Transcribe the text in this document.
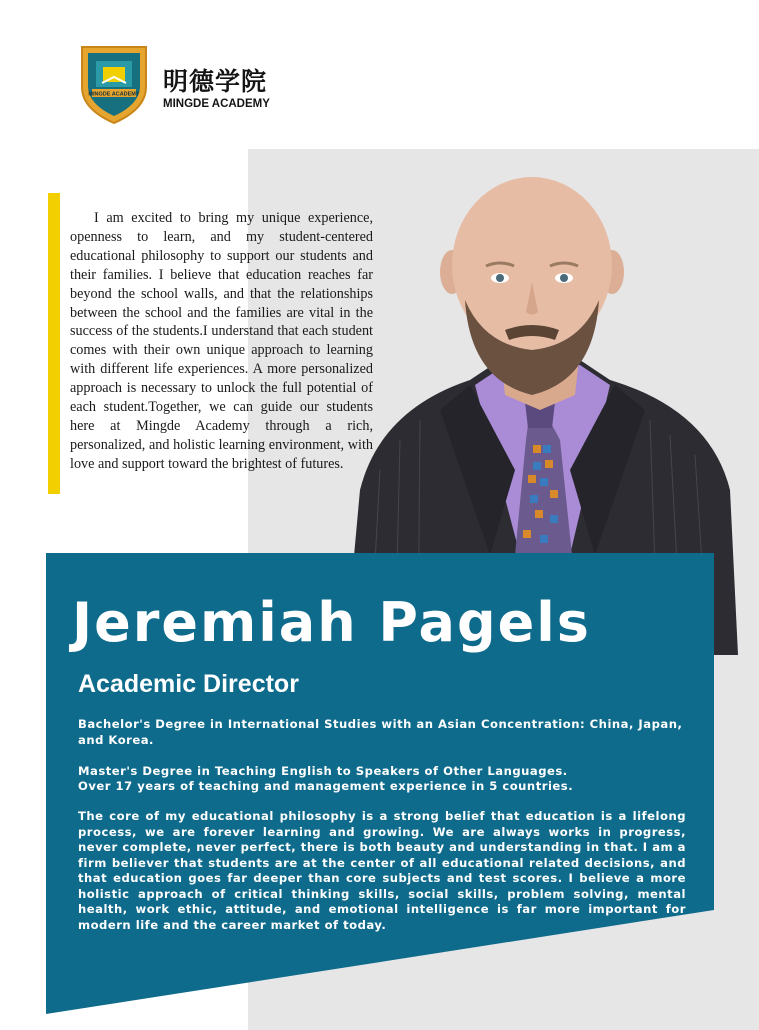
MINGDE ACADEMY 明德学院
MINGDE ACADEMY

I am excited to bring my unique experience, openness to learn, and my student-centered educational philosophy to support our students and their families. I believe that education reaches far beyond the school walls, and that the relationships between the school and the families are vital in the success of the students.I understand that each student comes with their own unique approach to learning with different life experiences. A more personalized approach is necessary to unlock the full potential of each student.Together, we can guide our students here at Mingde Academy through a rich, personalized, and holistic learning environment, with love and support toward the brightest of futures.

Jeremiah Pagels
Academic Director

Bachelor's Degree in International Studies with an Asian Concentration: China, Japan, and Korea.

Master's Degree in Teaching English to Speakers of Other Languages.

Over 17 years of teaching and management experience in 5 countries.

The core of my educational philosophy is a strong belief that education is a lifelong process, we are forever learning and growing. We are always works in progress, never complete, never perfect, there is both beauty and understanding in that. I am a firm believer that students are at the center of all educational related decisions, and that education goes far deeper than core subjects and test scores. I believe a more holistic approach of critical thinking skills, social skills, problem solving, mental health, work ethic, attitude, and emotional intelligence is far more important for modern life and the career market of today.
